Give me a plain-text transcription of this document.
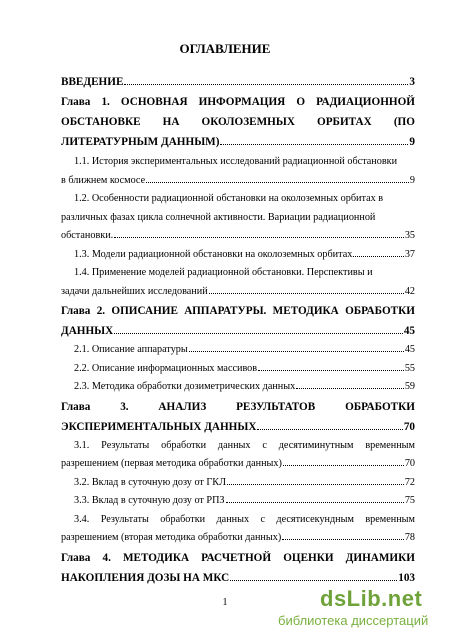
ОГЛАВЛЕНИЕ
ВВЕДЕНИЕ	3
Глава 1. ОСНОВНАЯ ИНФОРМАЦИЯ О РАДИАЦИОННОЙ
ОБСТАНОВКЕ НА ОКОЛОЗЕМНЫХ ОРБИТАХ (ПО
ЛИТЕРАТУРНЫМ ДАННЫМ)	9
1.1. История экспериментальных исследований радиационной обстановки
в ближнем космосе	9
1.2. Особенности радиационной обстановки на околоземных орбитах в
различных фазах цикла солнечной активности. Вариации радиационной
обстановки.	35
1.3. Модели радиационной обстановки на околоземных орбитах	37
1.4. Применение моделей радиационной обстановки. Перспективы и
задачи дальнейших исследований	42
Глава 2. ОПИСАНИЕ АППАРАТУРЫ. МЕТОДИКА ОБРАБОТКИ
ДАННЫХ	45
2.1. Описание аппаратуры	45
2.2. Описание информационных массивов	55
2.3. Методика обработки дозиметрических данных	59
Глава	3.	АНАЛИЗ	РЕЗУЛЬТАТОВ	ОБРАБОТКИ
ЭКСПЕРИМЕНТАЛЬНЫХ ДАННЫХ	70
3.1. Результаты обработки данных с десятиминутным временным
разрешением (первая методика обработки данных)	70
3.2. Вклад в суточную дозу от ГКЛ	72
3.3. Вклад в суточную дозу от РПЗ	75
3.4. Результаты обработки данных с десятисекундным временным
разрешением (вторая методика обработки данных)	78
Глава 4. МЕТОДИКА РАСЧЕТНОЙ ОЦЕНКИ ДИНАМИКИ
НАКОПЛЕНИЯ ДОЗЫ НА МКС	103
1	dsLib.net
библиотека диссертаций
